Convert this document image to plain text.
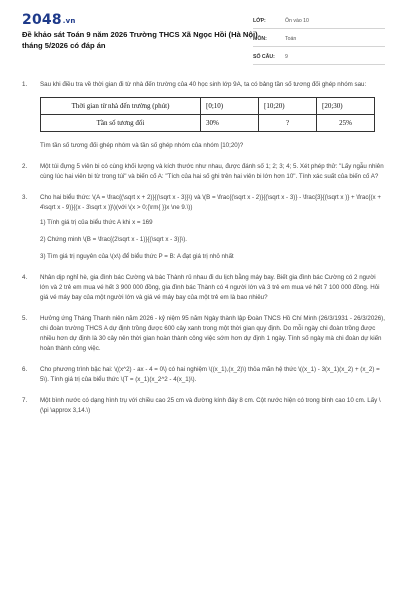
2048.vn
Đề khảo sát Toán 9 năm 2026 Trường THCS Xã Ngọc Hồi (Hà Nội) tháng 5/2026 có đáp án
LỚP:	Ôn vào 10
MÔN:	Toán
SỐ CÂU: 9
1. Sau khi điều tra về thời gian đi từ nhà đến trường của 40 học sinh lớp 9A, ta có bảng tần số tương đối ghép nhóm sau:
Thời gian từ nhà đến trường (phút)	[0;10)	[10;20)	[20;30)
Tần số tương đối	30%	?	25%
Tìm tần số tương đối ghép nhóm và tần số ghép nhóm của nhóm [10;20)?
2. Một túi đựng 5 viên bi có cùng khối lượng và kích thước như nhau, được đánh số 1; 2; 3; 4; 5. Xét phép thử: "Lấy ngẫu nhiên cùng lúc hai viên bi từ trong túi" và biến cố A: "Tích của hai số ghi trên hai viên bi lớn hơn 10". Tính xác suất của biến cố A?
3. Cho hai biểu thức: \(A = \frac{(\sqrt x + 2)}{(\sqrt x - 3)}\) và \(B = \frac{(\sqrt x - 2)}{(\sqrt x - 3)} - \frac{3}{(\sqrt x )} + \frac{(x + 4\sqrt x - 9)}{(x - 3\sqrt x )}\)(với \(x > 0;{\rm{ }}x \ne 9.\))
1) Tính giá trị của biểu thức A khi x = 169
2) Chứng minh \(B = \frac{(2\sqrt x - 1)}{(\sqrt x - 3)}\).
3) Tìm giá trị nguyên của \(x\) để biểu thức P = B: A đạt giá trị nhỏ nhất
4. Nhân dịp nghỉ hè, gia đình bác Cường và bác Thành rủ nhau đi du lịch bằng máy bay. Biết gia đình bác Cường có 2 người lớn và 2 trẻ em mua vé hết 3 900 000 đồng, gia đình bác Thành có 4 người lớn và 3 trẻ em mua vé hết 7 100 000 đồng. Hỏi giá vé máy bay của một người lớn và giá vé máy bay của một trẻ em là bao nhiêu?
5. Hưởng ứng Tháng Thanh niên năm 2026 - kỷ niệm 95 năm Ngày thành lập Đoàn TNCS Hồ Chí Minh (26/3/1931 - 26/3/2026), chi đoàn trường THCS A dự định trồng được 600 cây xanh trong một thời gian quy định. Do mỗi ngày chi đoàn trồng được nhiều hơn dự định là 30 cây nên thời gian hoàn thành công việc sớm hơn dự định 1 ngày. Tính số ngày mà chi đoàn dự kiến hoàn thành công việc.
6. Cho phương trình bậc hai: \((x^2) - ax - 4 = 0\) có hai nghiệm \((x_1),(x_2)\) thỏa mãn hệ thức \((x_1) - 3(x_1)(x_2) + (x_2) = 5\). Tính giá trị của biểu thức \(T = (x_1)(x_2^2 - 4(x_1)\).
7. Một bình nước có dạng hình trụ với chiều cao 25 cm và đường kính đáy 8 cm. Cột nước hiện có trong bình cao 10 cm. Lấy \(\pi \approx 3,14.\)
